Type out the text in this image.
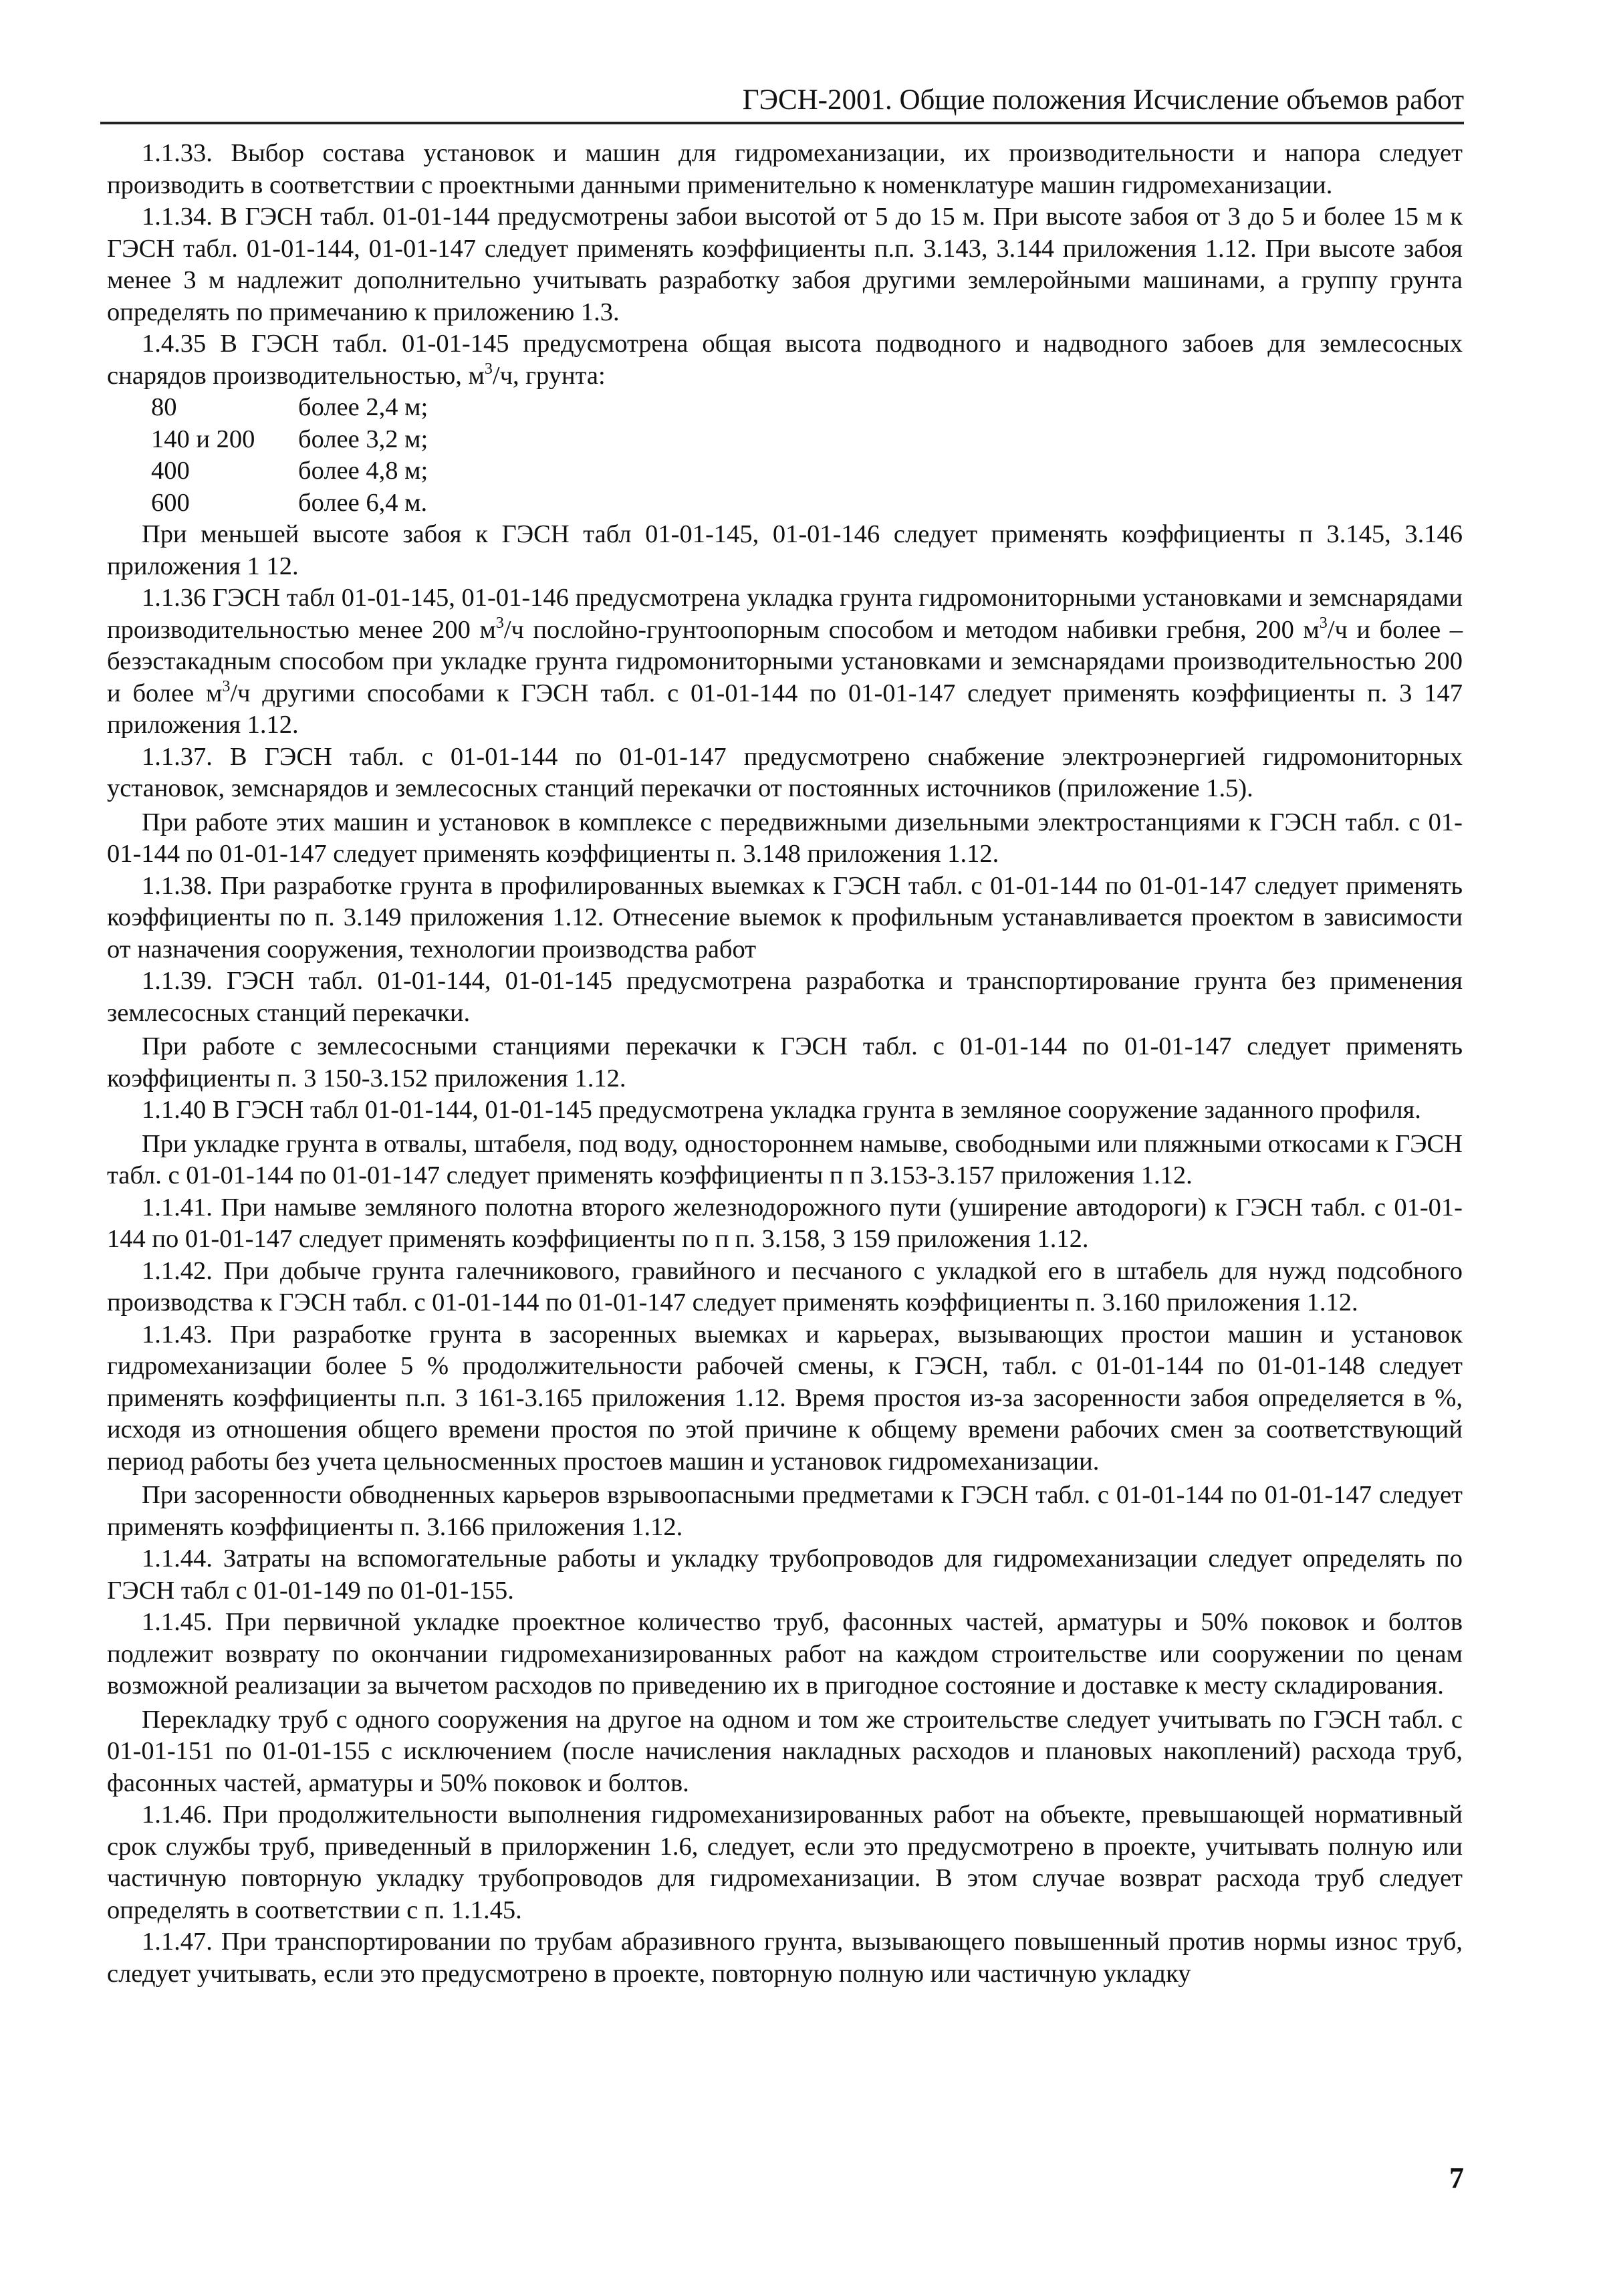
ГЭСН-2001. Общие положения Исчисление объемов работ

1.1.33. Выбор состава установок и машин для гидромеханизации, их производительности и напора следует производить в соответствии с проектными данными применительно к номенклатуре машин гидромеханизации.

1.1.34. В ГЭСН табл. 01-01-144 предусмотрены забои высотой от 5 до 15 м. При высоте забоя от 3 до 5 и более 15 м к ГЭСН табл. 01-01-144, 01-01-147 следует применять коэффициенты п.п. 3.143, 3.144 приложения 1.12. При высоте забоя менее 3 м надлежит дополнительно учитывать разработку забоя другими землеройными машинами, а группу грунта определять по примечанию к приложению 1.3.

1.4.35 В ГЭСН табл. 01-01-145 предусмотрена общая высота подводного и надводного забоев для землесосных снарядов производительностью, $м^3/ч$, грунта:

80	более 2,4 м;
140 и 200	более 3,2 м;
400	более 4,8 м;
600	более 6,4 м.

При меньшей высоте забоя к ГЭСН табл 01-01-145, 01-01-146 следует применять коэффициенты п 3.145, 3.146 приложения 1 12.

1.1.36 ГЭСН табл 01-01-145, 01-01-146 предусмотрена укладка грунта гидромониторными установками и земснарядами производительностью менее 200 $м^3/ч$ послойно-грунтоопорным способом и методом набивки гребня, 200 $м^3/ч$ и более – безэстакадным способом при укладке грунта гидромониторными установками и земснарядами производительностью 200 и более $м^3/ч$ другими способами к ГЭСН табл. с 01-01-144 по 01-01-147 следует применять коэффициенты п. 3 147 приложения 1.12.

1.1.37. В ГЭСН табл. с 01-01-144 по 01-01-147 предусмотрено снабжение электроэнергией гидромониторных установок, земснарядов и землесосных станций перекачки от постоянных источников (приложение 1.5).

При работе этих машин и установок в комплексе с передвижными дизельными электростанциями к ГЭСН табл. с 01-01-144 по 01-01-147 следует применять коэффициенты п. 3.148 приложения 1.12.

1.1.38. При разработке грунта в профилированных выемках к ГЭСН табл. с 01-01-144 по 01-01-147 следует применять коэффициенты по п. 3.149 приложения 1.12. Отнесение выемок к профильным устанавливается проектом в зависимости от назначения сооружения, технологии производства работ

1.1.39. ГЭСН табл. 01-01-144, 01-01-145 предусмотрена разработка и транспортирование грунта без применения землесосных станций перекачки.

При работе с землесосными станциями перекачки к ГЭСН табл. с 01-01-144 по 01-01-147 следует применять коэффициенты п. 3 150-3.152 приложения 1.12.

1.1.40 В ГЭСН табл 01-01-144, 01-01-145 предусмотрена укладка грунта в земляное сооружение заданного профиля.

При укладке грунта в отвалы, штабеля, под воду, одностороннем намыве, свободными или пляжными откосами к ГЭСН табл. с 01-01-144 по 01-01-147 следует применять коэффициенты п п 3.153-3.157 приложения 1.12.

1.1.41. При намыве земляного полотна второго железнодорожного пути (уширение автодороги) к ГЭСН табл. с 01-01-144 по 01-01-147 следует применять коэффициенты по п п. 3.158, 3 159 приложения 1.12.

1.1.42. При добыче грунта галечникового, гравийного и песчаного с укладкой его в штабель для нужд подсобного производства к ГЭСН табл. с 01-01-144 по 01-01-147 следует применять коэффициенты п. 3.160 приложения 1.12.

1.1.43. При разработке грунта в засоренных выемках и карьерах, вызывающих простои машин и установок гидромеханизации более 5 % продолжительности рабочей смены, к ГЭСН, табл. с 01-01-144 по 01-01-148 следует применять коэффициенты п.п. 3 161-3.165 приложения 1.12. Время простоя из-за засоренности забоя определяется в %, исходя из отношения общего времени простоя по этой причине к общему времени рабочих смен за соответствующий период работы без учета цельносменных простоев машин и установок гидромеханизации.

При засоренности обводненных карьеров взрывоопасными предметами к ГЭСН табл. с 01-01-144 по 01-01-147 следует применять коэффициенты п. 3.166 приложения 1.12.

1.1.44. Затраты на вспомогательные работы и укладку трубопроводов для гидромеханизации следует определять по ГЭСН табл с 01-01-149 по 01-01-155.

1.1.45. При первичной укладке проектное количество труб, фасонных частей, арматуры и 50% поковок и болтов подлежит возврату по окончании гидромеханизированных работ на каждом строительстве или сооружении по ценам возможной реализации за вычетом расходов по приведению их в пригодное состояние и доставке к месту складирования.

Перекладку труб с одного сооружения на другое на одном и том же строительстве следует учитывать по ГЭСН табл. с 01-01-151 по 01-01-155 с исключением (после начисления накладных расходов и плановых накоплений) расхода труб, фасонных частей, арматуры и 50% поковок и болтов.

1.1.46. При продолжительности выполнения гидромеханизированных работ на объекте, превышающей нормативный срок службы труб, приведенный в прилорженин 1.6, следует, если это предусмотрено в проекте, учитывать полную или частичную повторную укладку трубопроводов для гидромеханизации. В этом случае возврат расхода труб следует определять в соответствии с п. 1.1.45.

1.1.47. При транспортировании по трубам абразивного грунта, вызывающего повышенный против нормы износ труб, следует учитывать, если это предусмотрено в проекте, повторную полную или частичную укладку

7
